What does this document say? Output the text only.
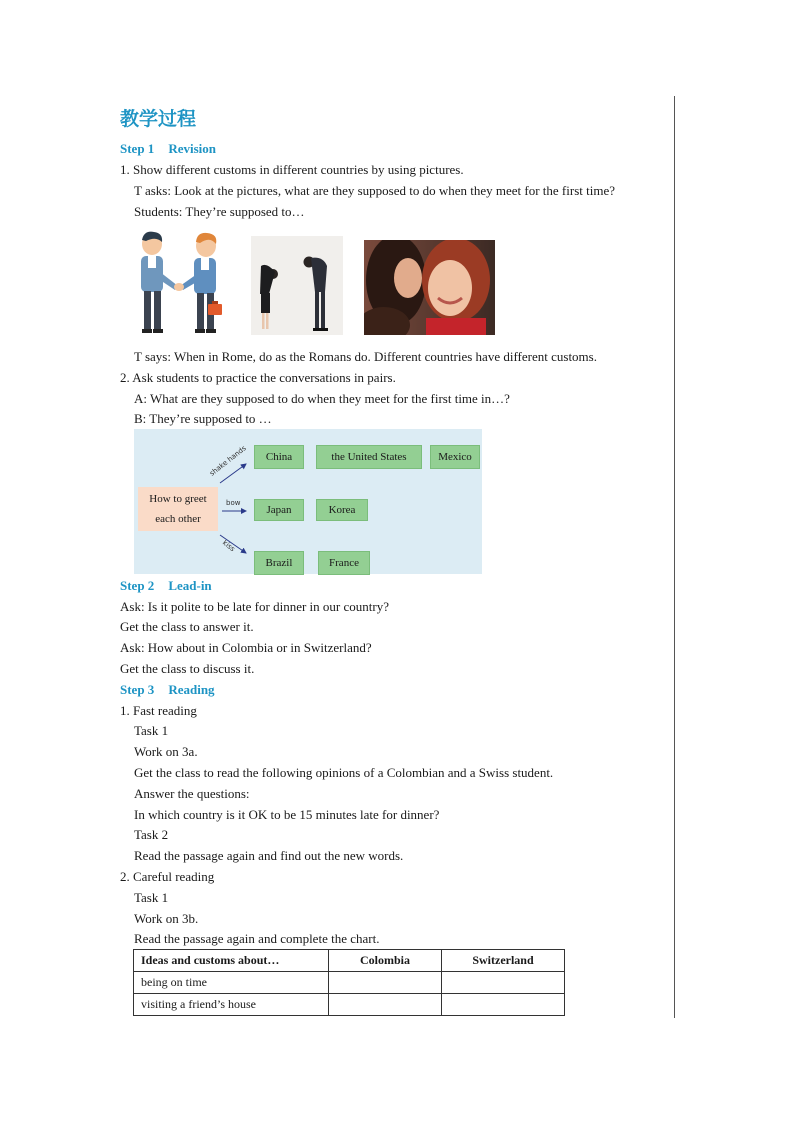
教学过程
Step 1 Revision
1. Show different customs in different countries by using pictures.
T asks: Look at the pictures, what are they supposed to do when they meet for the first time?
Students: They’re supposed to…
T says: When in Rome, do as the Romans do. Different countries have different customs.
2. Ask students to practice the conversations in pairs.
A: What are they supposed to do when they meet for the first time in…?
B: They’re supposed to …
How to greet
each other
shake hands
bow
kiss
China	the United States	Mexico
Japan	Korea
Brazil	France
Step 2 Lead-in
Ask: Is it polite to be late for dinner in our country?
Get the class to answer it.
Ask: How about in Colombia or in Switzerland?
Get the class to discuss it.
Step 3 Reading
1. Fast reading
Task 1
Work on 3a.
Get the class to read the following opinions of a Colombian and a Swiss student.
Answer the questions:
In which country is it OK to be 15 minutes late for dinner?
Task 2
Read the passage again and find out the new words.
2. Careful reading
Task 1
Work on 3b.
Read the passage again and complete the chart.
Ideas and customs about…	Colombia	Switzerland
being on time		
visiting a friend’s house		
